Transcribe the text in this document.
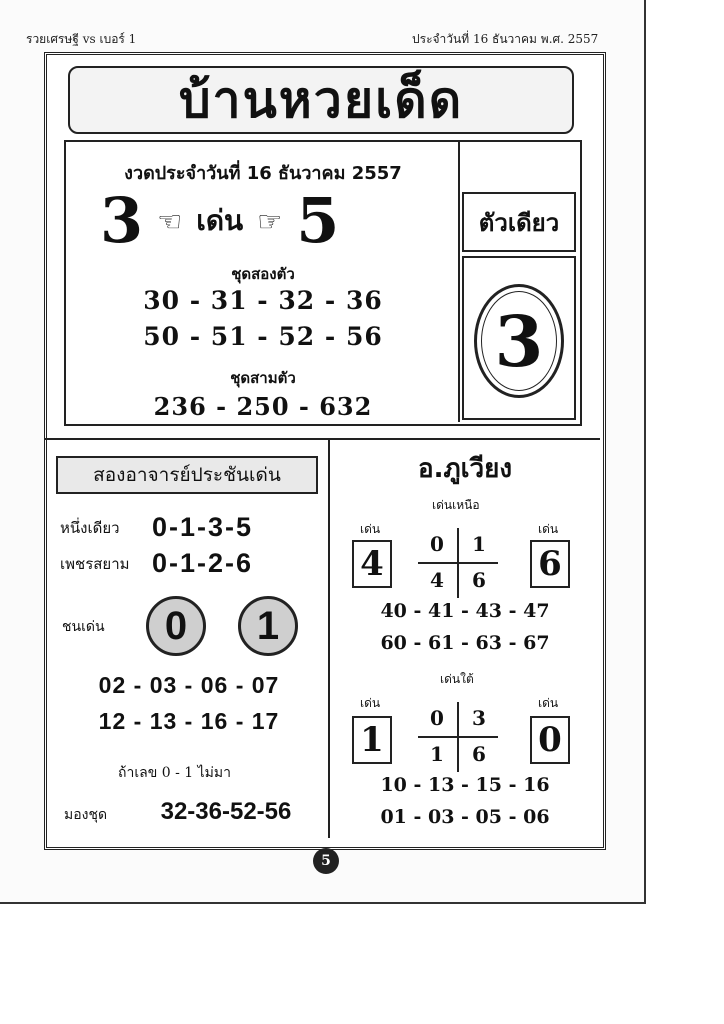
รวยเศรษฐี vs เบอร์ 1	ประจำวันที่ 16 ธันวาคม พ.ศ. 2557
บ้านหวยเด็ด
งวดประจำวันที่ 16 ธันวาคม 2557
3 ☜ เด่น ☞ 5
ชุดสองตัว
30 - 31 - 32 - 36
50 - 51 - 52 - 56
ชุดสามตัว
236 - 250 - 632
ตัวเดียว
3
สองอาจารย์ประชันเด่น
หนึ่งเดียว	0-1-3-5
เพชรสยาม 0-1-2-6
ชนเด่น	0	1
02 - 03 - 06 - 07
12 - 13 - 16 - 17
ถ้าเลข 0 - 1 ไม่มา
มองชุด	32-36-52-56
อ.ภูเวียง
เด่นเหนือ
เด่น	เด่น
4	6
0	1
4	6
40 - 41 - 43 - 47
60 - 61 - 63 - 67
เด่นใต้
เด่น	เด่น
1	0
0	3
1	6
10 - 13 - 15 - 16
01 - 03 - 05 - 06
5
